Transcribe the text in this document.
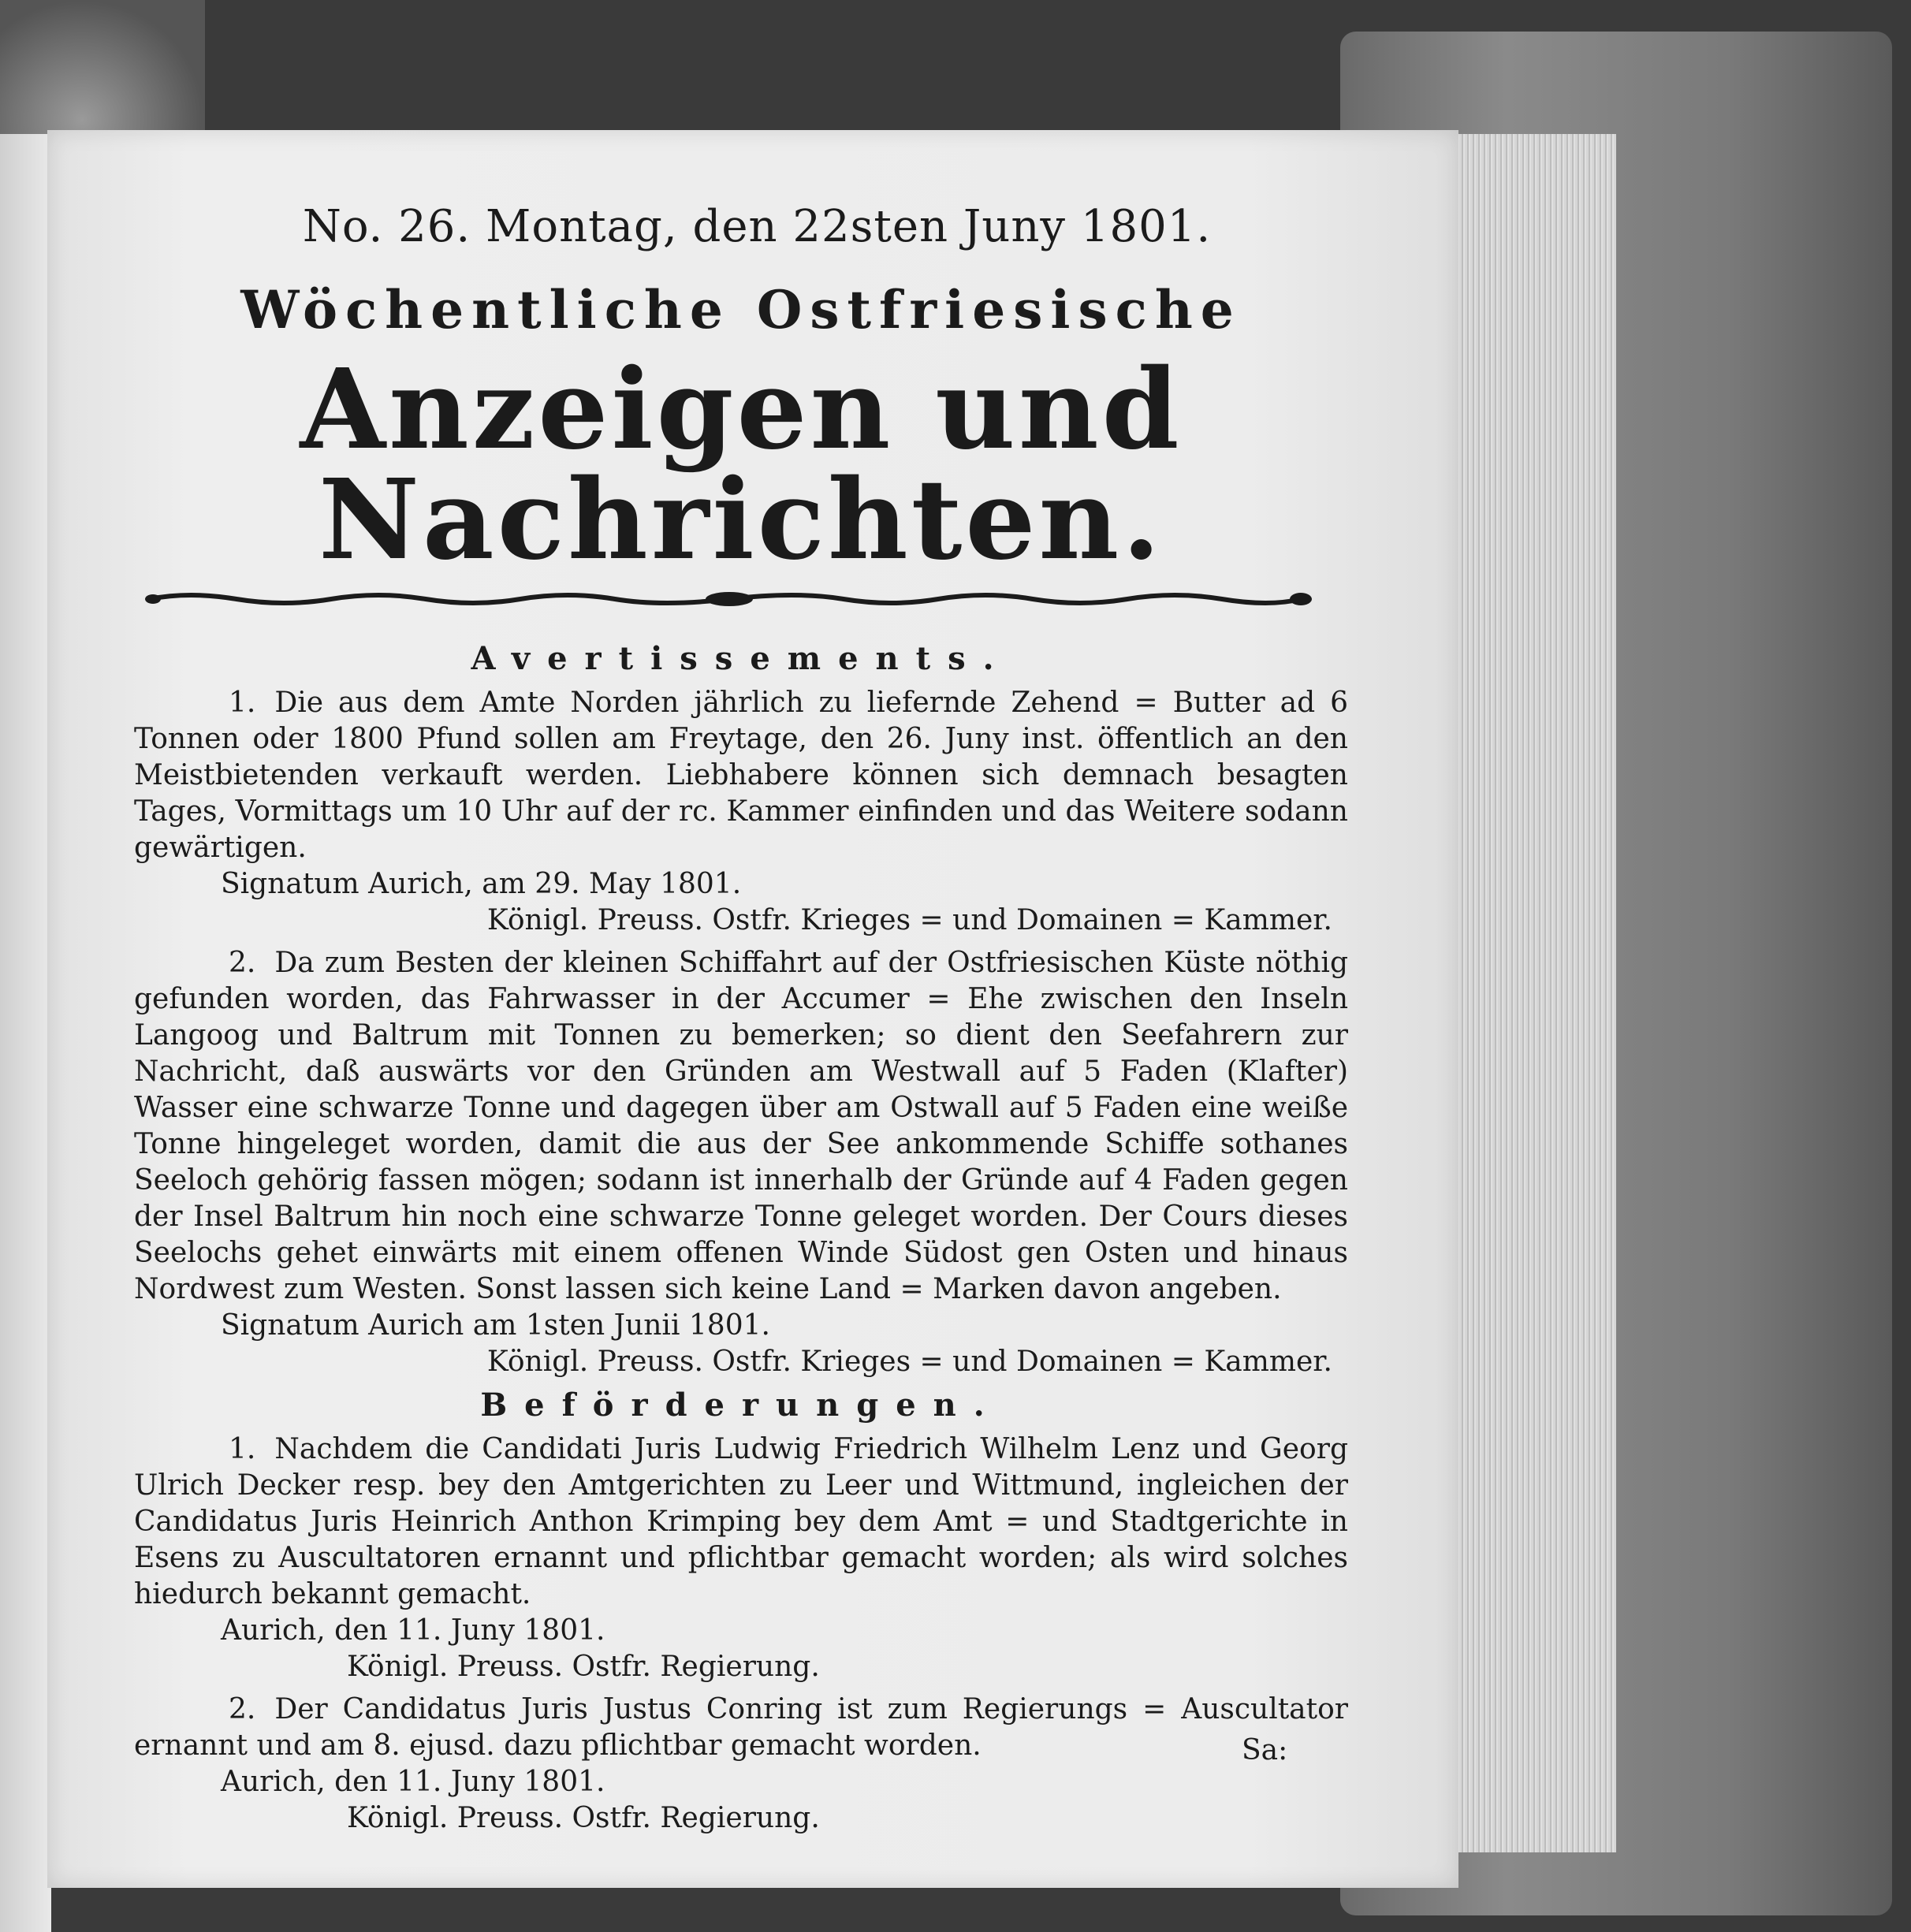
No. 26. Montag, den 22sten Juny 1801.
Wöchentliche Ostfriesische
Anzeigen und Nachrichten.
Avertissements.

1. Die aus dem Amte Norden jährlich zu liefernde Zehend = Butter ad 6 Tonnen oder 1800 Pfund sollen am Freytage, den 26. Juny inst. öffentlich an den Meistbietenden verkauft werden. Liebhabere können sich demnach besagten Tages, Vormittags um 10 Uhr auf der rc. Kammer einfinden und das Weitere sodann gewärtigen.

Signatum Aurich, am 29. May 1801.

Königl. Preuss. Ostfr. Krieges = und Domainen = Kammer.

2. Da zum Besten der kleinen Schiffahrt auf der Ostfriesischen Küste nöthig gefunden worden, das Fahrwasser in der Accumer = Ehe zwischen den Inseln Langoog und Baltrum mit Tonnen zu bemerken; so dient den Seefahrern zur Nachricht, daß auswärts vor den Gründen am Westwall auf 5 Faden (Klafter) Wasser eine schwarze Tonne und dagegen über am Ostwall auf 5 Faden eine weiße Tonne hingeleget worden, damit die aus der See ankommende Schiffe sothanes Seeloch gehörig fassen mögen; sodann ist innerhalb der Gründe auf 4 Faden gegen der Insel Baltrum hin noch eine schwarze Tonne geleget worden. Der Cours dieses Seelochs gehet einwärts mit einem offenen Winde Südost gen Osten und hinaus Nordwest zum Westen. Sonst lassen sich keine Land = Marken davon angeben.

Signatum Aurich am 1sten Junii 1801.

Königl. Preuss. Ostfr. Krieges = und Domainen = Kammer.

Beförderungen.

1. Nachdem die Candidati Juris Ludwig Friedrich Wilhelm Lenz und Georg Ulrich Decker resp. bey den Amtgerichten zu Leer und Wittmund, ingleichen der Candidatus Juris Heinrich Anthon Krimping bey dem Amt = und Stadtgerichte in Esens zu Auscultatoren ernannt und pflichtbar gemacht worden; als wird solches hiedurch bekannt gemacht.

Aurich, den 11. Juny 1801.

Königl. Preuss. Ostfr. Regierung.

2. Der Candidatus Juris Justus Conring ist zum Regierungs = Auscultator ernannt und am 8. ejusd. dazu pflichtbar gemacht worden.

Aurich, den 11. Juny 1801.

Königl. Preuss. Ostfr. Regierung.

Sa:
